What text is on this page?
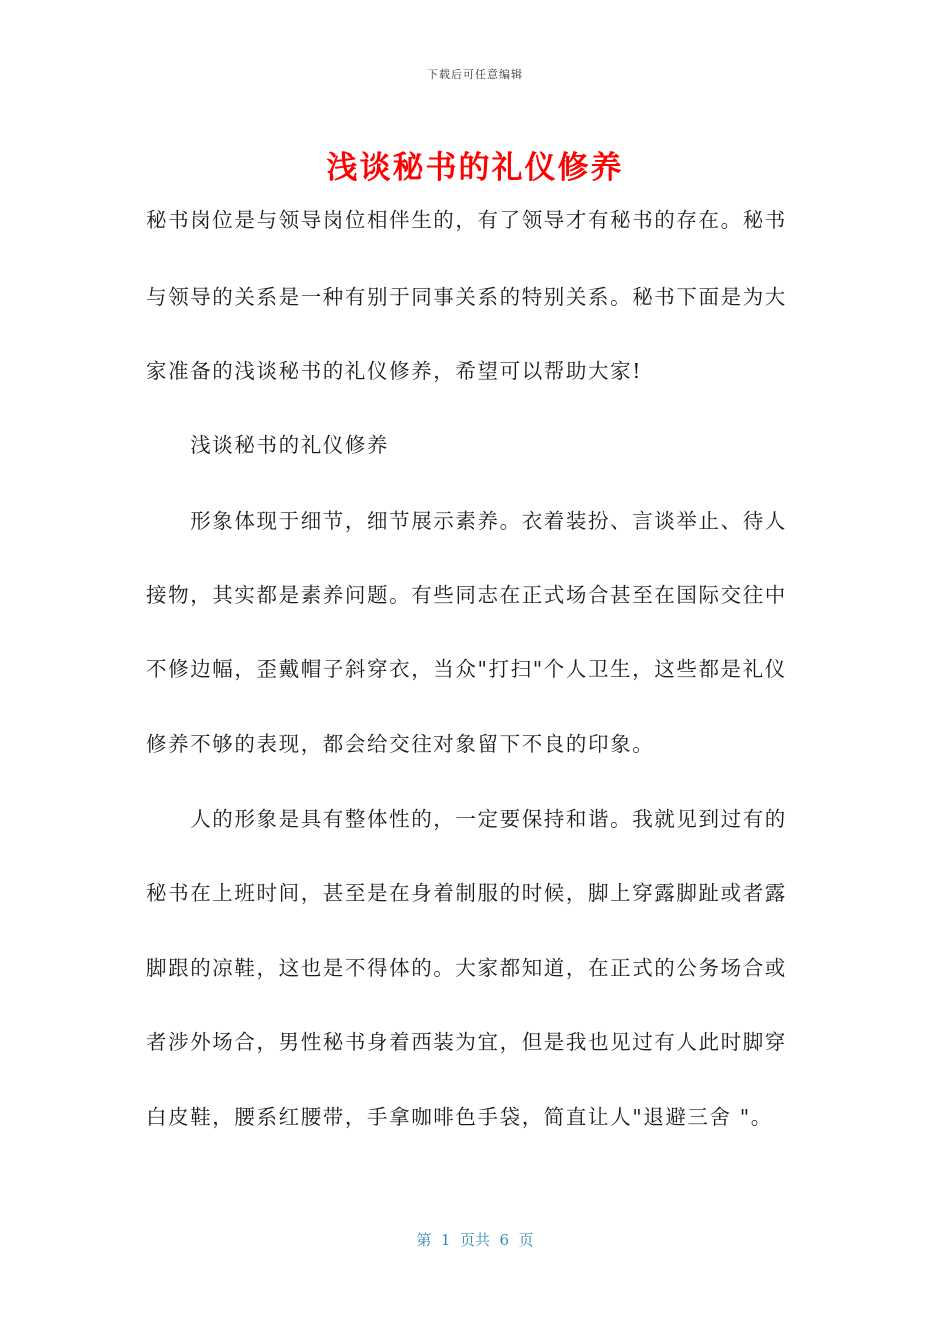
下载后可任意编辑
浅谈秘书的礼仪修养
秘书岗位是与领导岗位相伴生的，有了领导才有秘书的存在。秘书
与领导的关系是一种有别于同事关系的特别关系。秘书下面是为大
家准备的浅谈秘书的礼仪修养，希望可以帮助大家!
　　浅谈秘书的礼仪修养
　　形象体现于细节，细节展示素养。衣着装扮、言谈举止、待人
接物，其实都是素养问题。有些同志在正式场合甚至在国际交往中
不修边幅，歪戴帽子斜穿衣，当众"打扫"个人卫生，这些都是礼仪
修养不够的表现，都会给交往对象留下不良的印象。
　　人的形象是具有整体性的，一定要保持和谐。我就见到过有的
秘书在上班时间，甚至是在身着制服的时候，脚上穿露脚趾或者露
脚跟的凉鞋，这也是不得体的。大家都知道，在正式的公务场合或
者涉外场合，男性秘书身着西装为宜，但是我也见过有人此时脚穿
白皮鞋，腰系红腰带，手拿咖啡色手袋，简直让人"退避三舍 "。
第  1  页共  6  页
